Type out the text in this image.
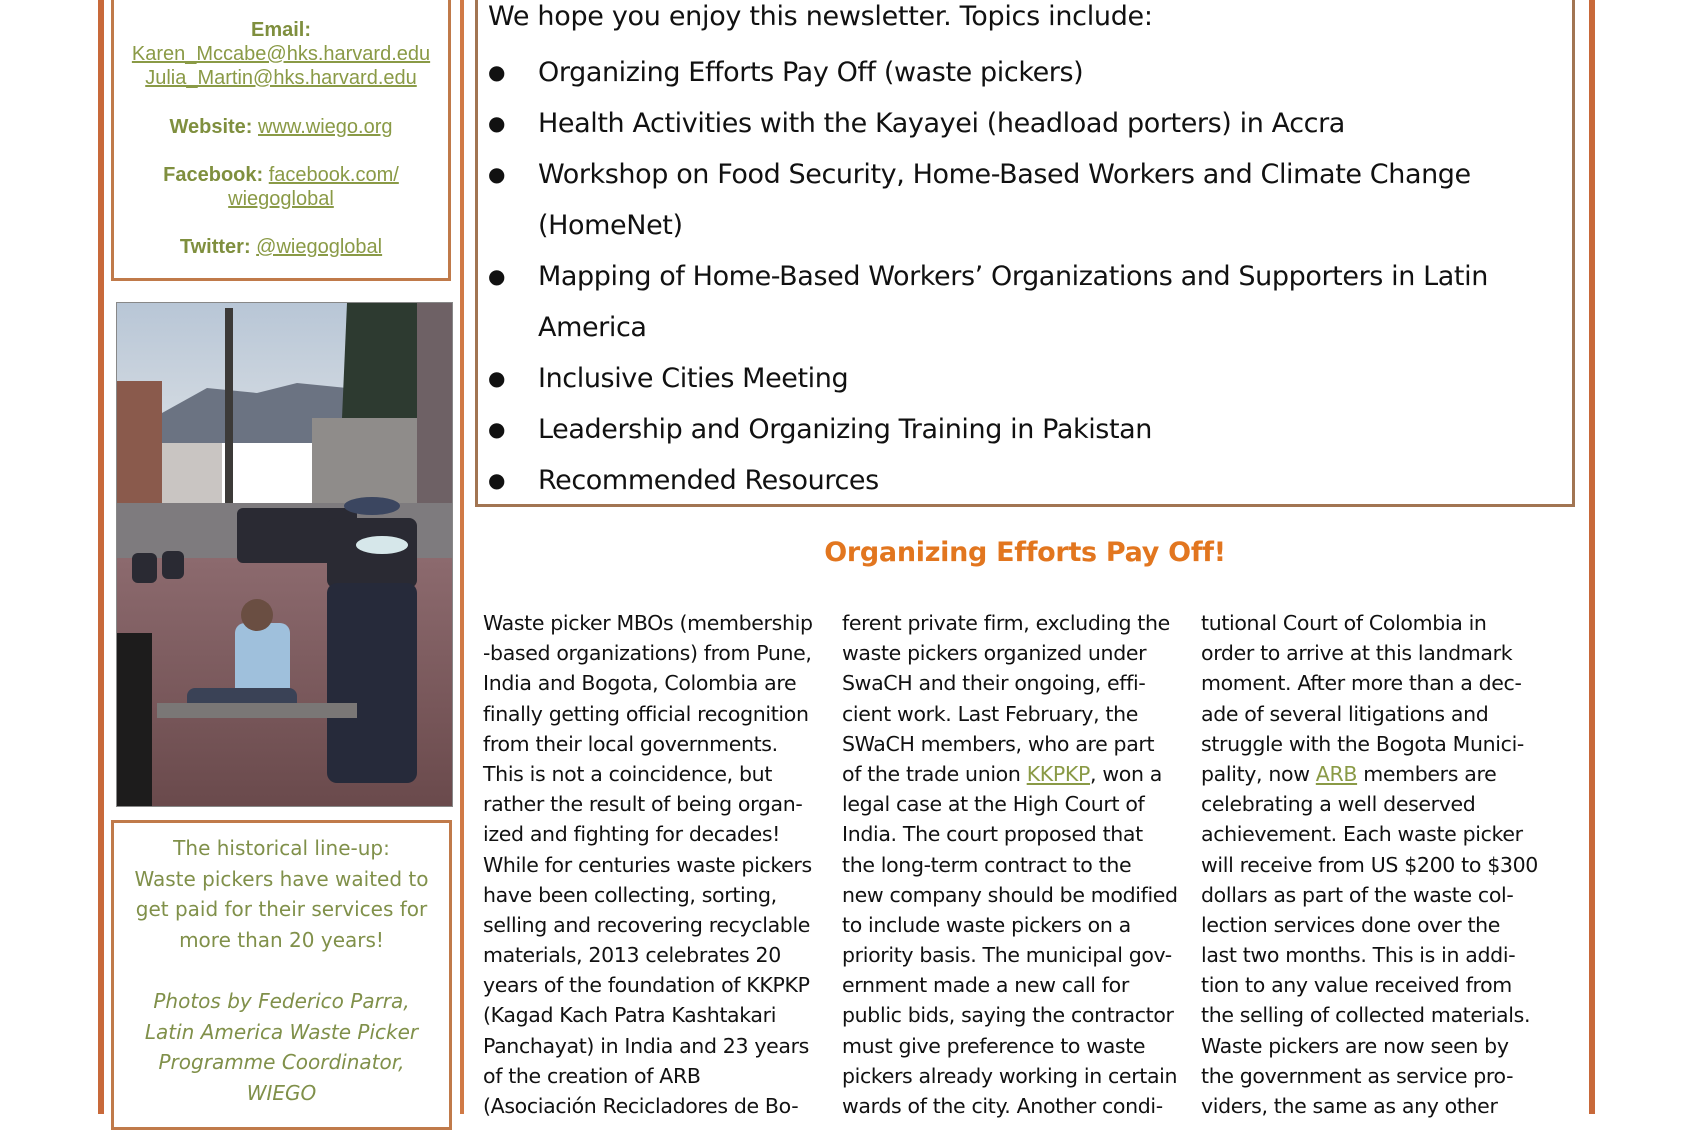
Email:
Karen_Mccabe@hks.harvard.edu
Julia_Martin@hks.harvard.edu
Website: www.wiego.org
Facebook: facebook.com/
wiegoglobal
Twitter: @wiegoglobal
The historical line-up:
Waste pickers have waited to
get paid for their services for
more than 20 years!
Photos by Federico Parra,
Latin America Waste Picker
Programme Coordinator,
WIEGO
We hope you enjoy this newsletter. Topics include:
● Organizing Efforts Pay Off (waste pickers)
● Health Activities with the Kayayei (headload porters) in Accra
● Workshop on Food Security, Home-Based Workers and Climate Change
(HomeNet)
● Mapping of Home-Based Workers’ Organizations and Supporters in Latin
America
● Inclusive Cities Meeting
● Leadership and Organizing Training in Pakistan
● Recommended Resources
Organizing Efforts Pay Off!
Waste picker MBOs (membership
-based organizations) from Pune,
India and Bogota, Colombia are
finally getting official recognition
from their local governments.
This is not a coincidence, but
rather the result of being organ-
ized and fighting for decades!
While for centuries waste pickers
have been collecting, sorting,
selling and recovering recyclable
materials, 2013 celebrates 20
years of the foundation of KKPKP
(Kagad Kach Patra Kashtakari
Panchayat) in India and 23 years
of the creation of ARB
(Asociación Recicladores de Bo-
ferent private firm, excluding the
waste pickers organized under
SwaCH and their ongoing, effi-
cient work. Last February, the
SWaCH members, who are part
of the trade union KKPKP, won a
legal case at the High Court of
India. The court proposed that
the long-term contract to the
new company should be modified
to include waste pickers on a
priority basis. The municipal gov-
ernment made a new call for
public bids, saying the contractor
must give preference to waste
pickers already working in certain
wards of the city. Another condi-
tutional Court of Colombia in
order to arrive at this landmark
moment. After more than a dec-
ade of several litigations and
struggle with the Bogota Munici-
pality, now ARB members are
celebrating a well deserved
achievement. Each waste picker
will receive from US $200 to $300
dollars as part of the waste col-
lection services done over the
last two months. This is in addi-
tion to any value received from
the selling of collected materials.
Waste pickers are now seen by
the government as service pro-
viders, the same as any other
